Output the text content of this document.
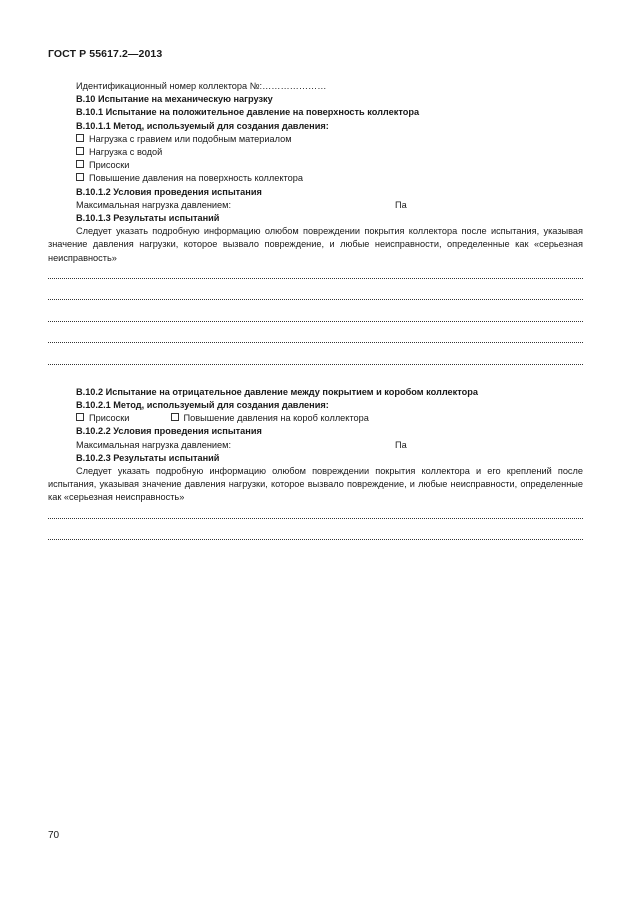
ГОСТ Р 55617.2—2013

Идентификационный номер коллектора №:…………………

B.10 Испытание на механическую нагрузку

B.10.1 Испытание на положительное давление на поверхность коллектора

B.10.1.1 Метод, используемый для создания давления:

Нагрузка с гравием или подобным материалом
Нагрузка с водой
Присоски
Повышение давления на поверхность коллектора

B.10.1.2 Условия проведения испытания

Максимальная нагрузка давлением:	Па

B.10.1.3 Результаты испытаний

Следует указать подробную информацию олюбом повреждении покрытия коллектора после испытания, указывая значение давления нагрузки, которое вызвало повреждение, и любые неисправности, определенные как «серьезная неисправность»

B.10.2 Испытание на отрицательное давление между покрытием и коробом коллектора

B.10.2.1 Метод, используемый для создания давления:

Присоски	Повышение давления на короб коллектора

B.10.2.2 Условия проведения испытания

Максимальная нагрузка давлением:	Па

B.10.2.3 Результаты испытаний

Следует указать подробную информацию олюбом повреждении покрытия коллектора и его креплений после испытания, указывая значение давления нагрузки, которое вызвало повреждение, и любые неисправности, определенные как «серьезная неисправность»

70
